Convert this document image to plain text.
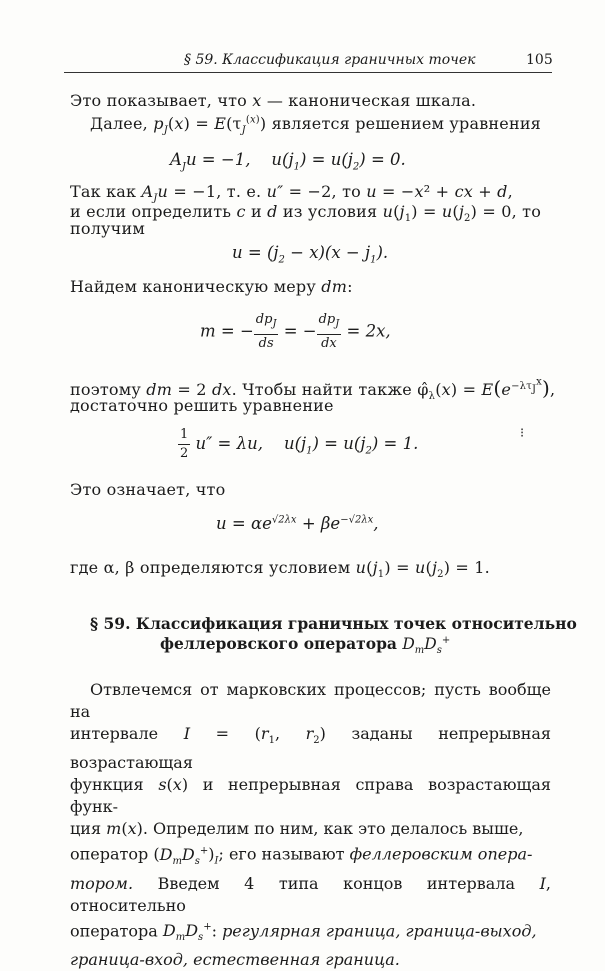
§ 59. Классификация граничных точек	105
Это показывает, что x — каноническая шкала.
Далее, $p_J(x) = E(\tau_J^{(x)})$ является решением уравнения
$A_Ju = -1$,    $u(j_1) = u(j_2) = 0$.
Так как $A_Ju = -1$, т. е. u″ = −2, то u = −x² + cx + d,
и если определить c и d из условия $u(j_1) = u(j_2) = 0$, то
получим
$u = (j_2 - x)(x - j_1)$.
Найдем каноническую меру dm:
m = − $\frac{dp_J}{ds}$ = − $\frac{dp_J}{dx} = 2x$,
поэтому dm = 2 dx. Чтобы найти также $\varphî_\lambda(x) = E(e^{-\lambda\tau_J^x})$,
достаточно решить уравнение
$\frac{1}{2} u'' = \lambda u$,    $u(j_1) = u(j_2) = 1$.
⁝
Это означает, что
$u = \alpha e^{√2\lambda x} + \beta e^{-√2\lambda x}$,
где α, β определяются условием $u(j_1) = u(j_2) = 1$.
§ 59. Классификация граничных точек относительно
феллеровского оператора $D_mD_s^+$
Отвлечемся от марковских процессов; пусть вообще на
интервале $I = (r_1$, $r_2$) заданы непрерывная возрастающая
функция s(x) и непрерывная справа возрастающая функ-
ция m(x). Определим по ним, как это делалось выше,
оператор $(D_mD_s^+)_I$; его называют феллеровским опера-
тором. Введем 4 типа концов интервала I, относительно
оператора $D_mD_s^+$: регулярная граница, граница-выход,
граница-вход, естественная граница.
